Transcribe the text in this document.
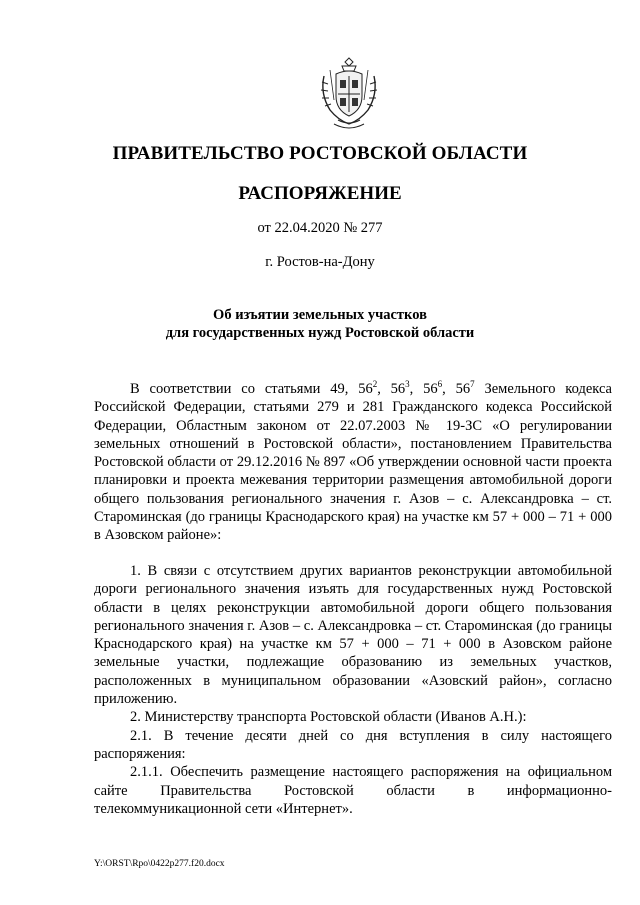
ПРАВИТЕЛЬСТВО РОСТОВСКОЙ ОБЛАСТИ
РАСПОРЯЖЕНИЕ
от 22.04.2020 № 277
г. Ростов-на-Дону
Об изъятии земельных участков
для государственных нужд Ростовской области

В соответствии со статьями 49, $56^2$, $56^3$, $56^6$, $56^7$ Земельного кодекса Российской Федерации, статьями 279 и 281 Гражданского кодекса Российской Федерации, Областным законом от 22.07.2003 № 19-ЗС «О регулировании земельных отношений в Ростовской области», постановлением Правительства Ростовской области от 29.12.2016 № 897 «Об утверждении основной части проекта планировки и проекта межевания территории размещения автомобильной дороги общего пользования регионального значения г. Азов – с. Александровка – ст. Староминская (до границы Краснодарского края) на участке км 57 + 000 – 71 + 000 в Азовском районе»:

1. В связи с отсутствием других вариантов реконструкции автомобильной дороги регионального значения изъять для государственных нужд Ростовской области в целях реконструкции автомобильной дороги общего пользования регионального значения г. Азов – с. Александровка – ст. Староминская (до границы Краснодарского края) на участке км 57 + 000 – 71 + 000 в Азовском районе земельные участки, подлежащие образованию из земельных участков, расположенных в муниципальном образовании «Азовский район», согласно приложению.

2. Министерству транспорта Ростовской области (Иванов А.Н.):

2.1. В течение десяти дней со дня вступления в силу настоящего распоряжения:

2.1.1. Обеспечить размещение настоящего распоряжения на официальном сайте Правительства Ростовской области в информационно-телекоммуникационной сети «Интернет».

Y:\ORST\Rpo\0422p277.f20.docx
